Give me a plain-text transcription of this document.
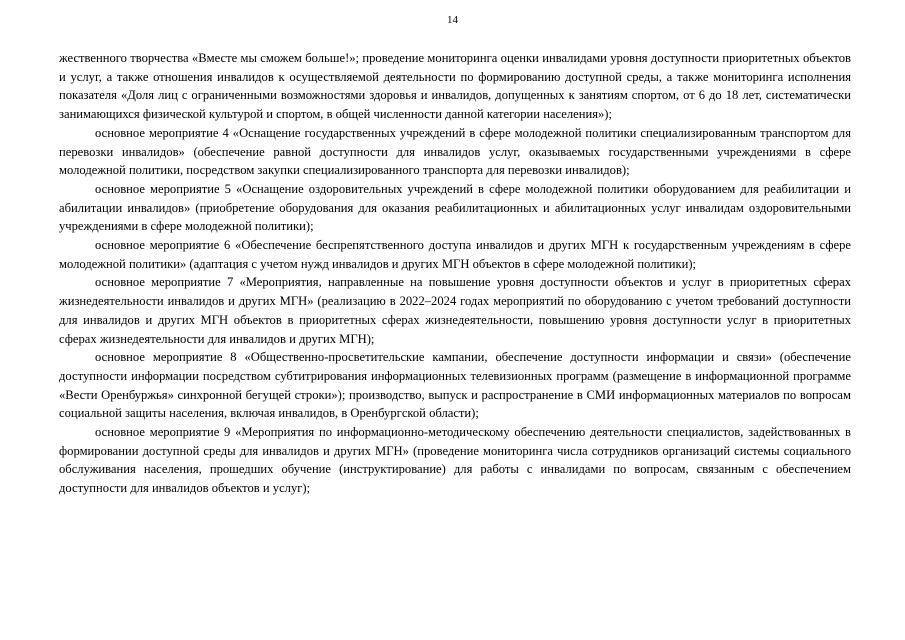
14

жественного творчества «Вместе мы сможем больше!»; проведение мониторинга оценки инвалидами уровня доступности приоритетных объектов и услуг, а также отношения инвалидов к осуществляемой деятельности по формированию доступной среды, а также мониторинга исполнения показателя «Доля лиц с ограниченными возможностями здоровья и инвалидов, допущенных к занятиям спортом, от 6 до 18 лет, систематически занимающихся физической культурой и спортом, в общей численности данной категории населения»);

основное мероприятие 4 «Оснащение государственных учреждений в сфере молодежной политики специализированным транспортом для перевозки инвалидов» (обеспечение равной доступности для инвалидов услуг, оказываемых государственными учреждениями в сфере молодежной политики, посредством закупки специализированного транспорта для перевозки инвалидов);

основное мероприятие 5 «Оснащение оздоровительных учреждений в сфере молодежной политики оборудованием для реабилитации и абилитации инвалидов» (приобретение оборудования для оказания реабилитационных и абилитационных услуг инвалидам оздоровительными учреждениями в сфере молодежной политики);

основное мероприятие 6 «Обеспечение беспрепятственного доступа инвалидов и других МГН к государственным учреждениям в сфере молодежной политики» (адаптация с учетом нужд инвалидов и других МГН объектов в сфере молодежной политики);

основное мероприятие 7 «Мероприятия, направленные на повышение уровня доступности объектов и услуг в приоритетных сферах жизнедеятельности инвалидов и других МГН» (реализацию в 2022–2024 годах мероприятий по оборудованию с учетом требований доступности для инвалидов и других МГН объектов в приоритетных сферах жизнедеятельности, повышению уровня доступности услуг в приоритетных сферах жизнедеятельности для инвалидов и других МГН);

основное мероприятие 8 «Общественно-просветительские кампании, обеспечение доступности информации и связи» (обеспечение доступности информации посредством субтитрирования информационных телевизионных программ (размещение в информационной программе «Вести Оренбуржья» синхронной бегущей строки»); производство, выпуск и распространение в СМИ информационных материалов по вопросам социальной защиты населения, включая инвалидов, в Оренбургской области);

основное мероприятие 9 «Мероприятия по информационно-методическому обеспечению деятельности специалистов, задействованных в формировании доступной среды для инвалидов и других МГН» (проведение мониторинга числа сотрудников организаций системы социального обслуживания населения, прошедших обучение (инструктирование) для работы с инвалидами по вопросам, связанным с обеспечением доступности для инвалидов объектов и услуг);
